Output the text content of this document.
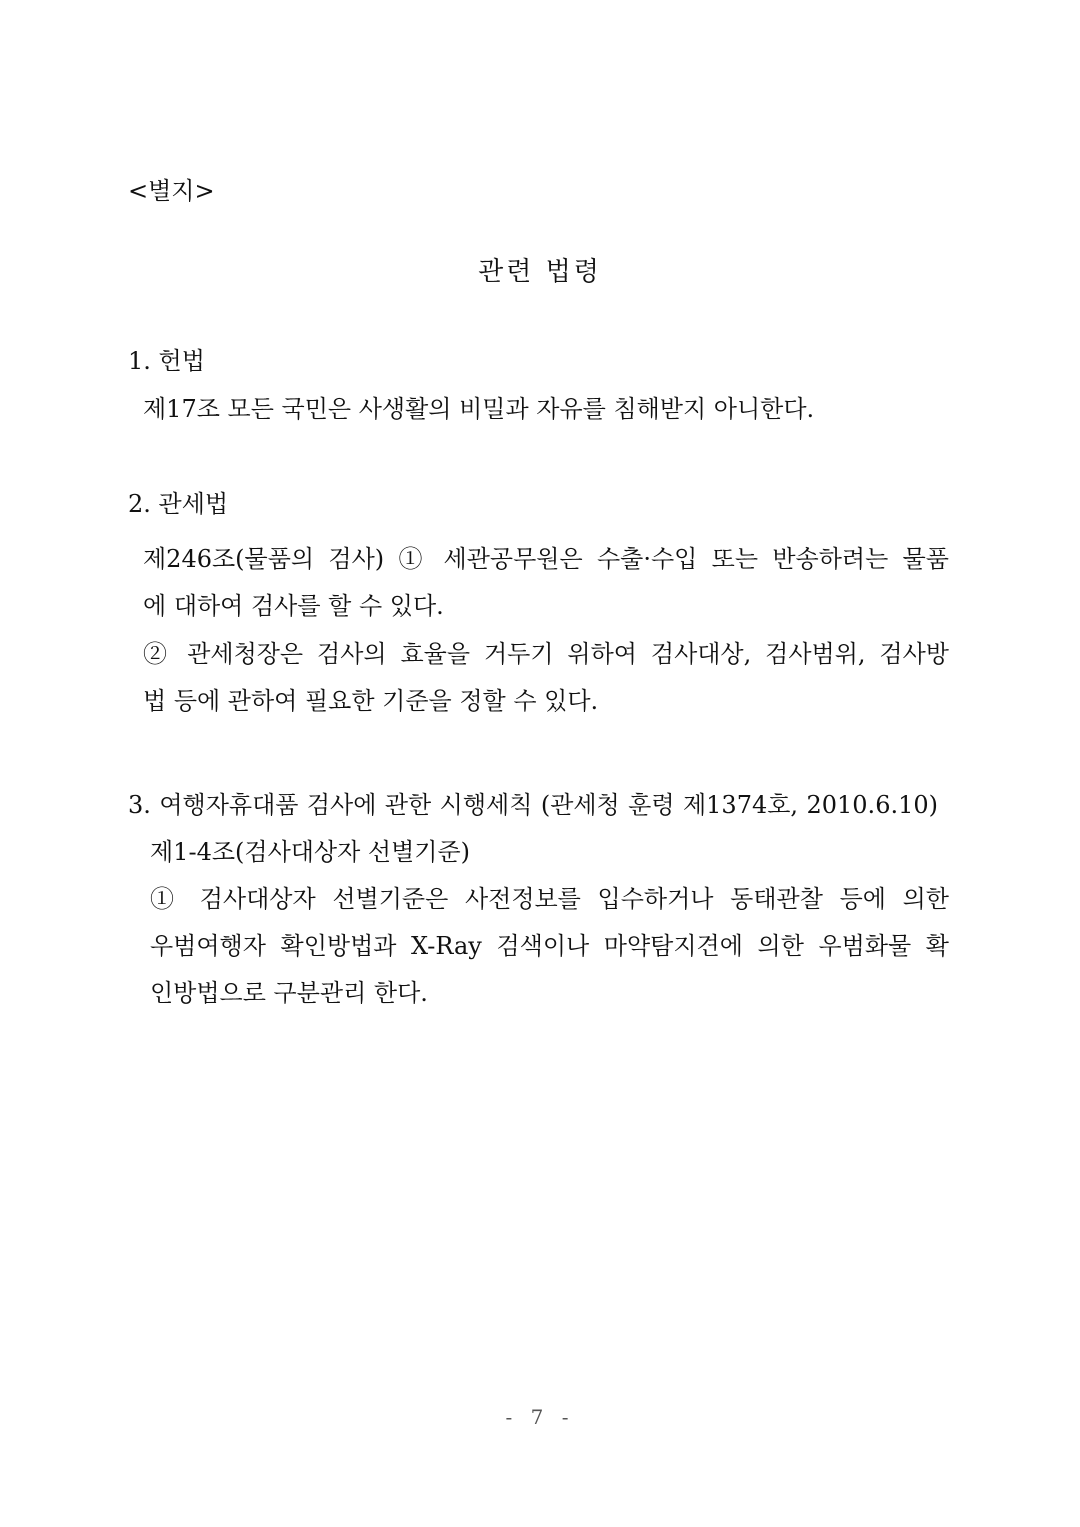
<별지>

관련 법령

1. 헌법

제17조 모든 국민은 사생활의 비밀과 자유를 침해받지 아니한다.

2. 관세법

제246조(물품의 검사) ① 세관공무원은 수출·수입 또는 반송하려는 물품

에 대하여 검사를 할 수 있다.

② 관세청장은 검사의 효율을 거두기 위하여 검사대상, 검사범위, 검사방

법 등에 관하여 필요한 기준을 정할 수 있다.

3. 여행자휴대품 검사에 관한 시행세칙 (관세청 훈령 제1374호, 2010.6.10)

제1-4조(검사대상자 선별기준)

① 검사대상자 선별기준은 사전정보를 입수하거나 동태관찰 등에 의한

우범여행자 확인방법과 X-Ray 검색이나 마약탐지견에 의한 우범화물 확

인방법으로 구분관리 한다.

- 7 -
